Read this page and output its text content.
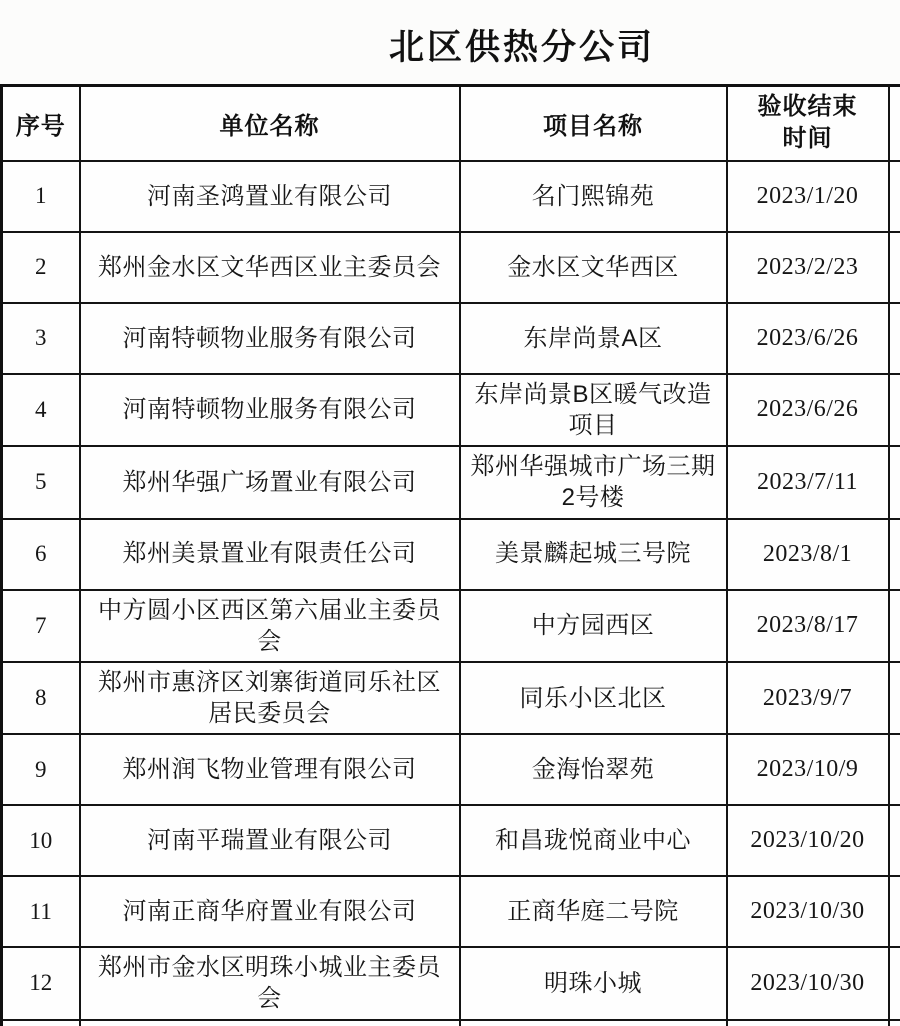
北区供热分公司
序号	单位名称	项目名称	验收结束时间	
1	河南圣鸿置业有限公司	名门熙锦苑	2023/1/20	
2	郑州金水区文华西区业主委员会	金水区文华西区	2023/2/23	
3	河南特顿物业服务有限公司	东岸尚景A区	2023/6/26	
4	河南特顿物业服务有限公司	东岸尚景B区暖气改造项目	2023/6/26	
5	郑州华强广场置业有限公司	郑州华强城市广场三期2号楼	2023/7/11	
6	郑州美景置业有限责任公司	美景麟起城三号院	2023/8/1	
7	中方圆小区西区第六届业主委员会	中方园西区	2023/8/17	
8	郑州市惠济区刘寨街道同乐社区居民委员会	同乐小区北区	2023/9/7	
9	郑州润飞物业管理有限公司	金海怡翠苑	2023/10/9	
10	河南平瑞置业有限公司	和昌珑悦商业中心	2023/10/20	
11	河南正商华府置业有限公司	正商华庭二号院	2023/10/30	
12	郑州市金水区明珠小城业主委员会	明珠小城	2023/10/30	
